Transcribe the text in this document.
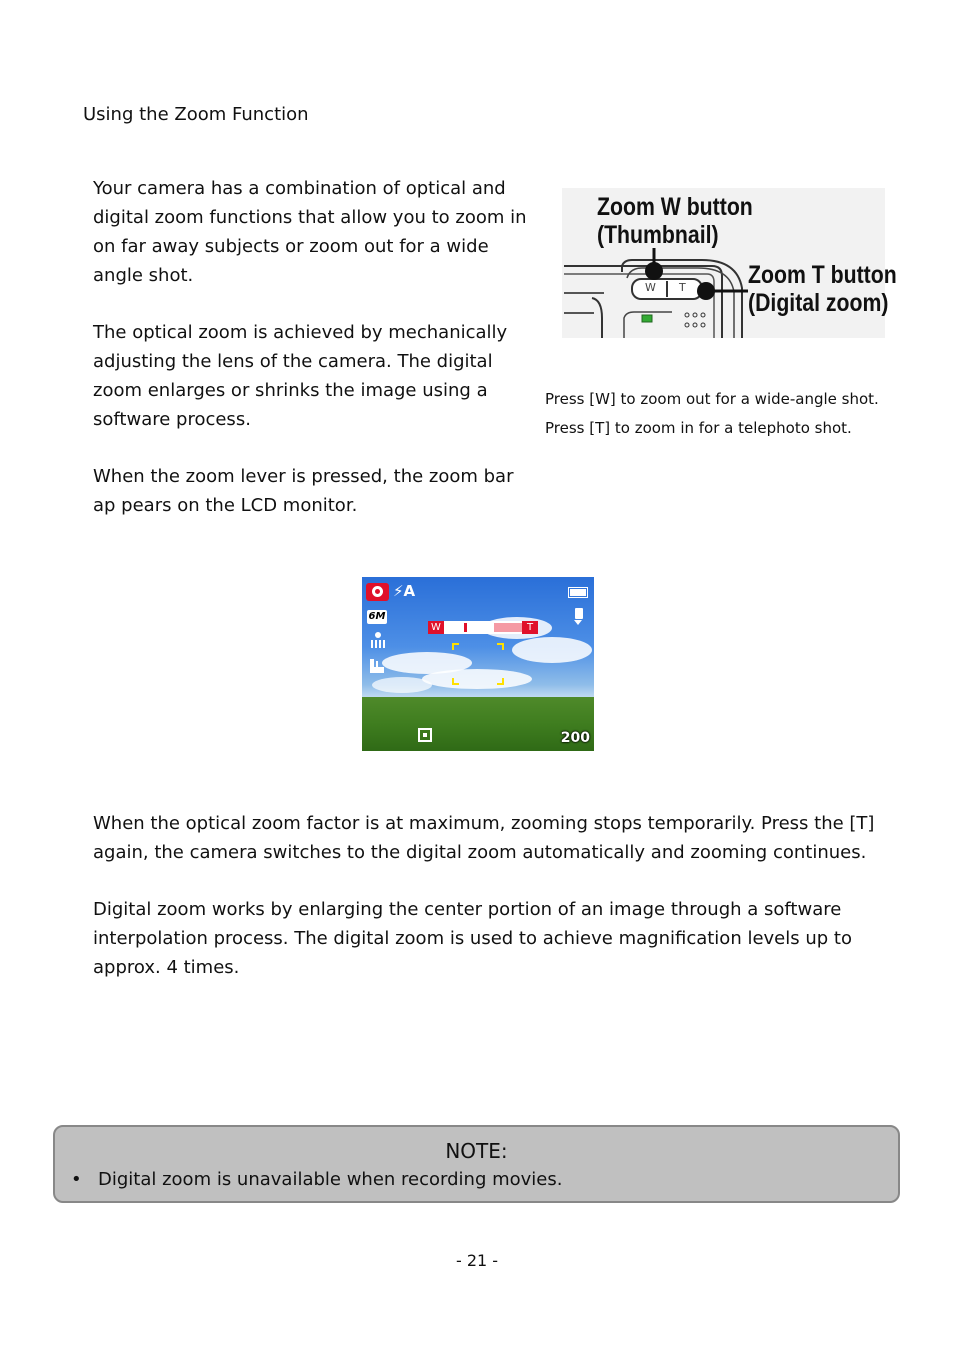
Using the Zoom Function
Your camera has a combination of optical and digital zoom functions that allow you to zoom in on far away subjects or zoom out for a wide angle shot.
The optical zoom is achieved by mechanically adjusting the lens of the camera. The digital zoom enlarges or shrinks the image using a software process.
When the zoom lever is pressed, the zoom bar ap pears on the LCD monitor.
W T
Zoom W button
(Thumbnail)
Zoom T button
(Digital zoom)
Press [W] to zoom out for a wide-angle shot.
Press [T] to zoom in for a telephoto shot.
⚡A
6M
W	T
200
When the optical zoom factor is at maximum, zooming stops temporarily. Press the [T] again, the camera switches to the digital zoom automatically and zooming continues.
Digital zoom works by enlarging the center portion of an image through a software interpolation process. The digital zoom is used to achieve magnification levels up to approx. 4 times.
NOTE:
• Digital zoom is unavailable when recording movies.
- 21 -
